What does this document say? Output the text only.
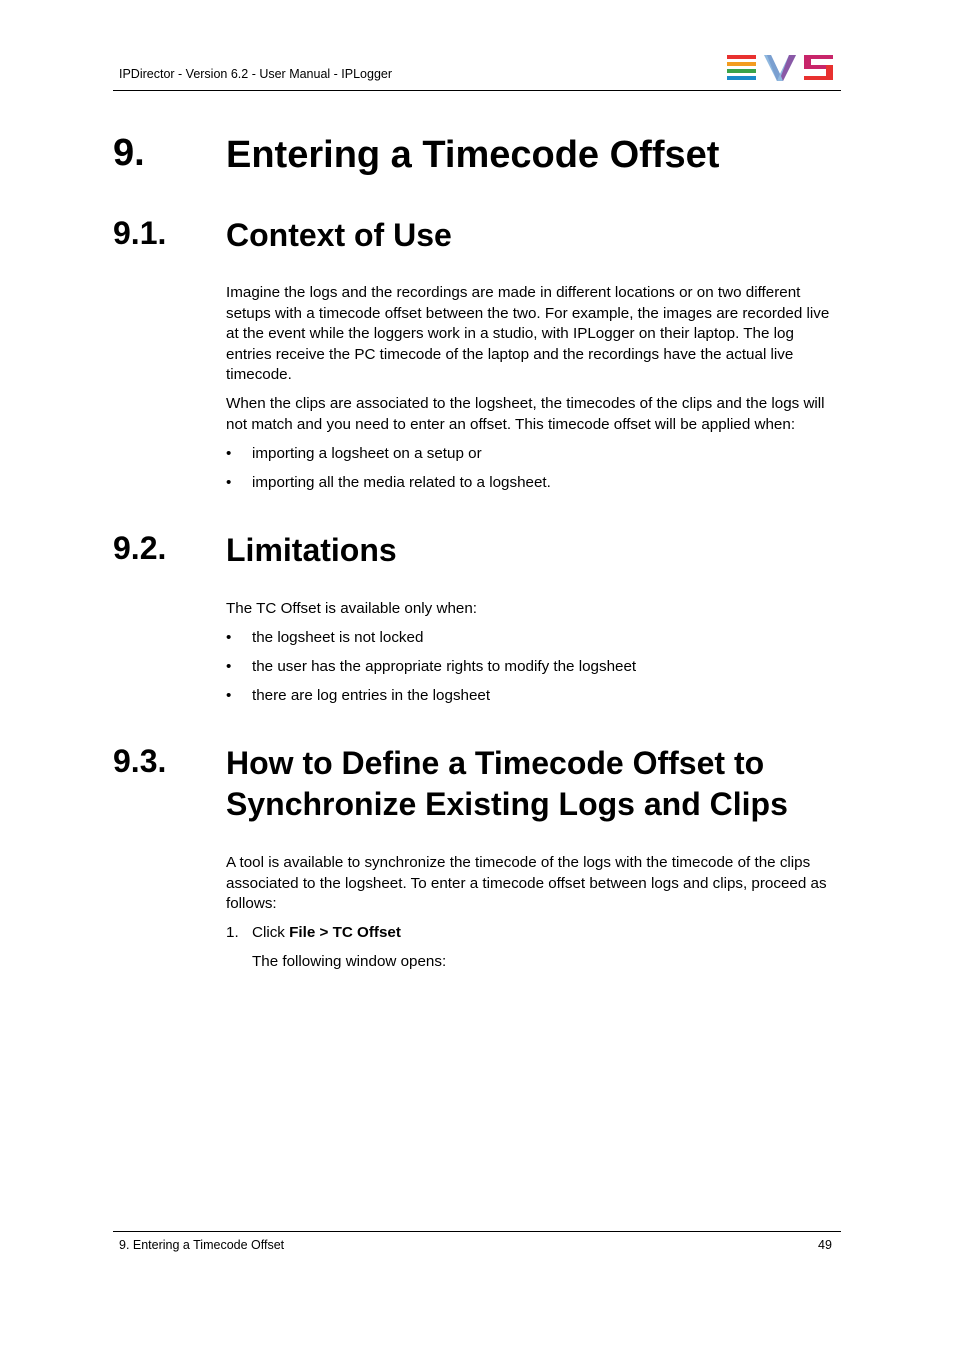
IPDirector - Version 6.2 - User Manual - IPLogger
9. Entering a Timecode Offset
9.1. Context of Use

Imagine the logs and the recordings are made in different locations or on two different setups with a timecode offset between the two. For example, the images are recorded live at the event while the loggers work in a studio, with IPLogger on their laptop. The log entries receive the PC timecode of the laptop and the recordings have the actual live timecode.

When the clips are associated to the logsheet, the timecodes of the clips and the logs will not match and you need to enter an offset. This timecode offset will be applied when:

• importing a logsheet on a setup or
• importing all the media related to a logsheet.
9.2. Limitations

The TC Offset is available only when:

• the logsheet is not locked
• the user has the appropriate rights to modify the logsheet
• there are log entries in the logsheet
9.3. How to Define a Timecode Offset to
Synchronize Existing Logs and Clips

A tool is available to synchronize the timecode of the logs with the timecode of the clips associated to the logsheet. To enter a timecode offset between logs and clips, proceed as follows:

1. Click File > TC Offset
The following window opens:
9. Entering a Timecode Offset	49
